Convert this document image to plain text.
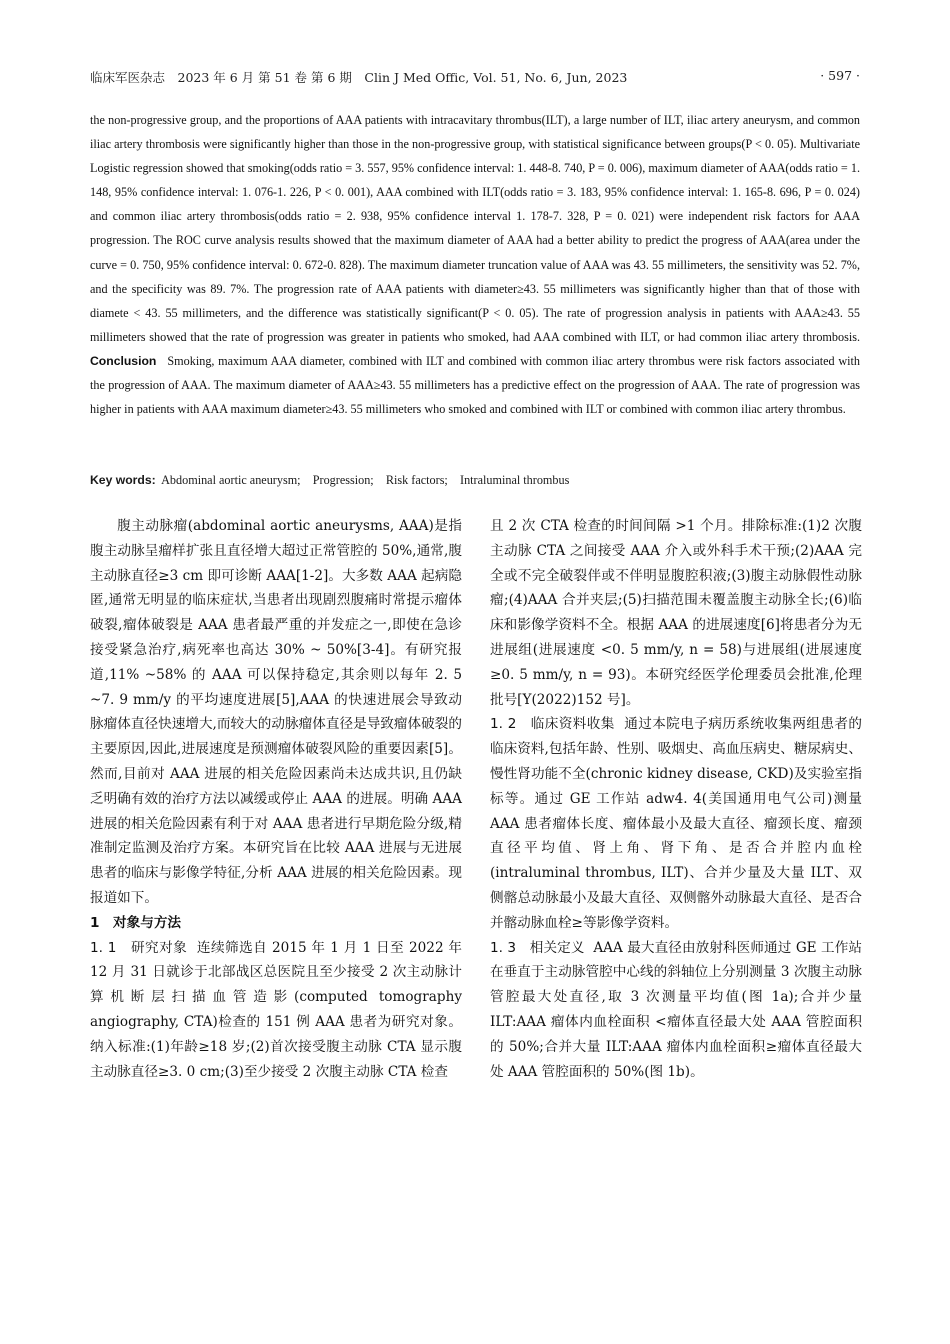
临床军医杂志　2023 年 6 月 第 51 卷 第 6 期　Clin J Med Offic, Vol. 51, No. 6, Jun, 2023	· 597 ·
the non-progressive group, and the proportions of AAA patients with intracavitary thrombus(ILT), a large number of ILT, iliac artery aneurysm, and common iliac artery thrombosis were significantly higher than those in the non-progressive group, with statistical significance between groups(P < 0. 05). Multivariate Logistic regression showed that smoking(odds ratio = 3. 557, 95% confidence interval: 1. 448-8. 740, P = 0. 006), maximum diameter of AAA(odds ratio = 1. 148, 95% confidence interval: 1. 076-1. 226, P < 0. 001), AAA combined with ILT(odds ratio = 3. 183, 95% confidence interval: 1. 165-8. 696, P = 0. 024) and common iliac artery thrombosis(odds ratio = 2. 938, 95% confidence interval 1. 178-7. 328, P = 0. 021) were independent risk factors for AAA progression. The ROC curve analysis results showed that the maximum diameter of AAA had a better ability to predict the progress of AAA(area under the curve = 0. 750, 95% confidence interval: 0. 672-0. 828). The maximum diameter truncation value of AAA was 43. 55 millimeters, the sensitivity was 52. 7%, and the specificity was 89. 7%. The progression rate of AAA patients with diameter≥43. 55 millimeters was significantly higher than that of those with diamete < 43. 55 millimeters, and the difference was statistically significant(P < 0. 05). The rate of progression analysis in patients with AAA≥43. 55 millimeters showed that the rate of progression was greater in patients who smoked, had AAA combined with ILT, or had common iliac artery thrombosis. Conclusion Smoking, maximum AAA diameter, combined with ILT and combined with common iliac artery thrombus were risk factors associated with the progression of AAA. The maximum diameter of AAA≥43. 55 millimeters has a predictive effect on the progression of AAA. The rate of progression was higher in patients with AAA maximum diameter≥43. 55 millimeters who smoked and combined with ILT or combined with common iliac artery thrombus.
Key words: Abdominal aortic aneurysm;　Progression;　Risk factors;　Intraluminal thrombus

腹主动脉瘤(abdominal aortic aneurysms, AAA)是指腹主动脉呈瘤样扩张且直径增大超过正常管腔的 50%,通常,腹主动脉直径≥3 cm 即可诊断 AAA[1-2]。大多数 AAA 起病隐匿,通常无明显的临床症状,当患者出现剧烈腹痛时常提示瘤体破裂,瘤体破裂是 AAA 患者最严重的并发症之一,即使在急诊接受紧急治疗,病死率也高达 30% ~ 50%[3-4]。有研究报道,11% ~58% 的 AAA 可以保持稳定,其余则以每年 2. 5 ~7. 9 mm/y 的平均速度进展[5],AAA 的快速进展会导致动脉瘤体直径快速增大,而较大的动脉瘤体直径是导致瘤体破裂的主要原因,因此,进展速度是预测瘤体破裂风险的重要因素[5]。然而,目前对 AAA 进展的相关危险因素尚未达成共识,且仍缺乏明确有效的治疗方法以减缓或停止 AAA 的进展。明确 AAA 进展的相关危险因素有利于对 AAA 患者进行早期危险分级,精准制定监测及治疗方案。本研究旨在比较 AAA 进展与无进展患者的临床与影像学特征,分析 AAA 进展的相关危险因素。现报道如下。

1　对象与方法

1. 1　研究对象 连续筛选自 2015 年 1 月 1 日至 2022 年 12 月 31 日就诊于北部战区总医院且至少接受 2 次主动脉计算机断层扫描血管造影(computed tomography angiography, CTA)检查的 151 例 AAA 患者为研究对象。纳入标准:(1)年龄≥18 岁;(2)首次接受腹主动脉 CTA 显示腹主动脉直径≥3. 0 cm;(3)至少接受 2 次腹主动脉 CTA 检查

且 2 次 CTA 检查的时间间隔 >1 个月。排除标准:(1)2 次腹主动脉 CTA 之间接受 AAA 介入或外科手术干预;(2)AAA 完全或不完全破裂伴或不伴明显腹腔积液;(3)腹主动脉假性动脉瘤;(4)AAA 合并夹层;(5)扫描范围未覆盖腹主动脉全长;(6)临床和影像学资料不全。根据 AAA 的进展速度[6]将患者分为无进展组(进展速度 <0. 5 mm/y, n = 58)与进展组(进展速度≥0. 5 mm/y, n = 93)。本研究经医学伦理委员会批准,伦理批号[Y(2022)152 号]。

1. 2　临床资料收集 通过本院电子病历系统收集两组患者的临床资料,包括年龄、性别、吸烟史、高血压病史、糖尿病史、慢性肾功能不全(chronic kidney disease, CKD)及实验室指标等。通过 GE 工作站 adw4. 4(美国通用电气公司)测量 AAA 患者瘤体长度、瘤体最小及最大直径、瘤颈长度、瘤颈直径平均值、肾上角、肾下角、是否合并腔内血栓(intraluminal thrombus, ILT)、合并少量及大量 ILT、双侧髂总动脉最小及最大直径、双侧髂外动脉最大直径、是否合并髂动脉血栓≥等影像学资料。

1. 3　相关定义 AAA 最大直径由放射科医师通过 GE 工作站在垂直于主动脉管腔中心线的斜轴位上分别测量 3 次腹主动脉管腔最大处直径,取 3 次测量平均值(图 1a);合并少量 ILT:AAA 瘤体内血栓面积 <瘤体直径最大处 AAA 管腔面积的 50%;合并大量 ILT:AAA 瘤体内血栓面积≥瘤体直径最大处 AAA 管腔面积的 50%(图 1b)。
